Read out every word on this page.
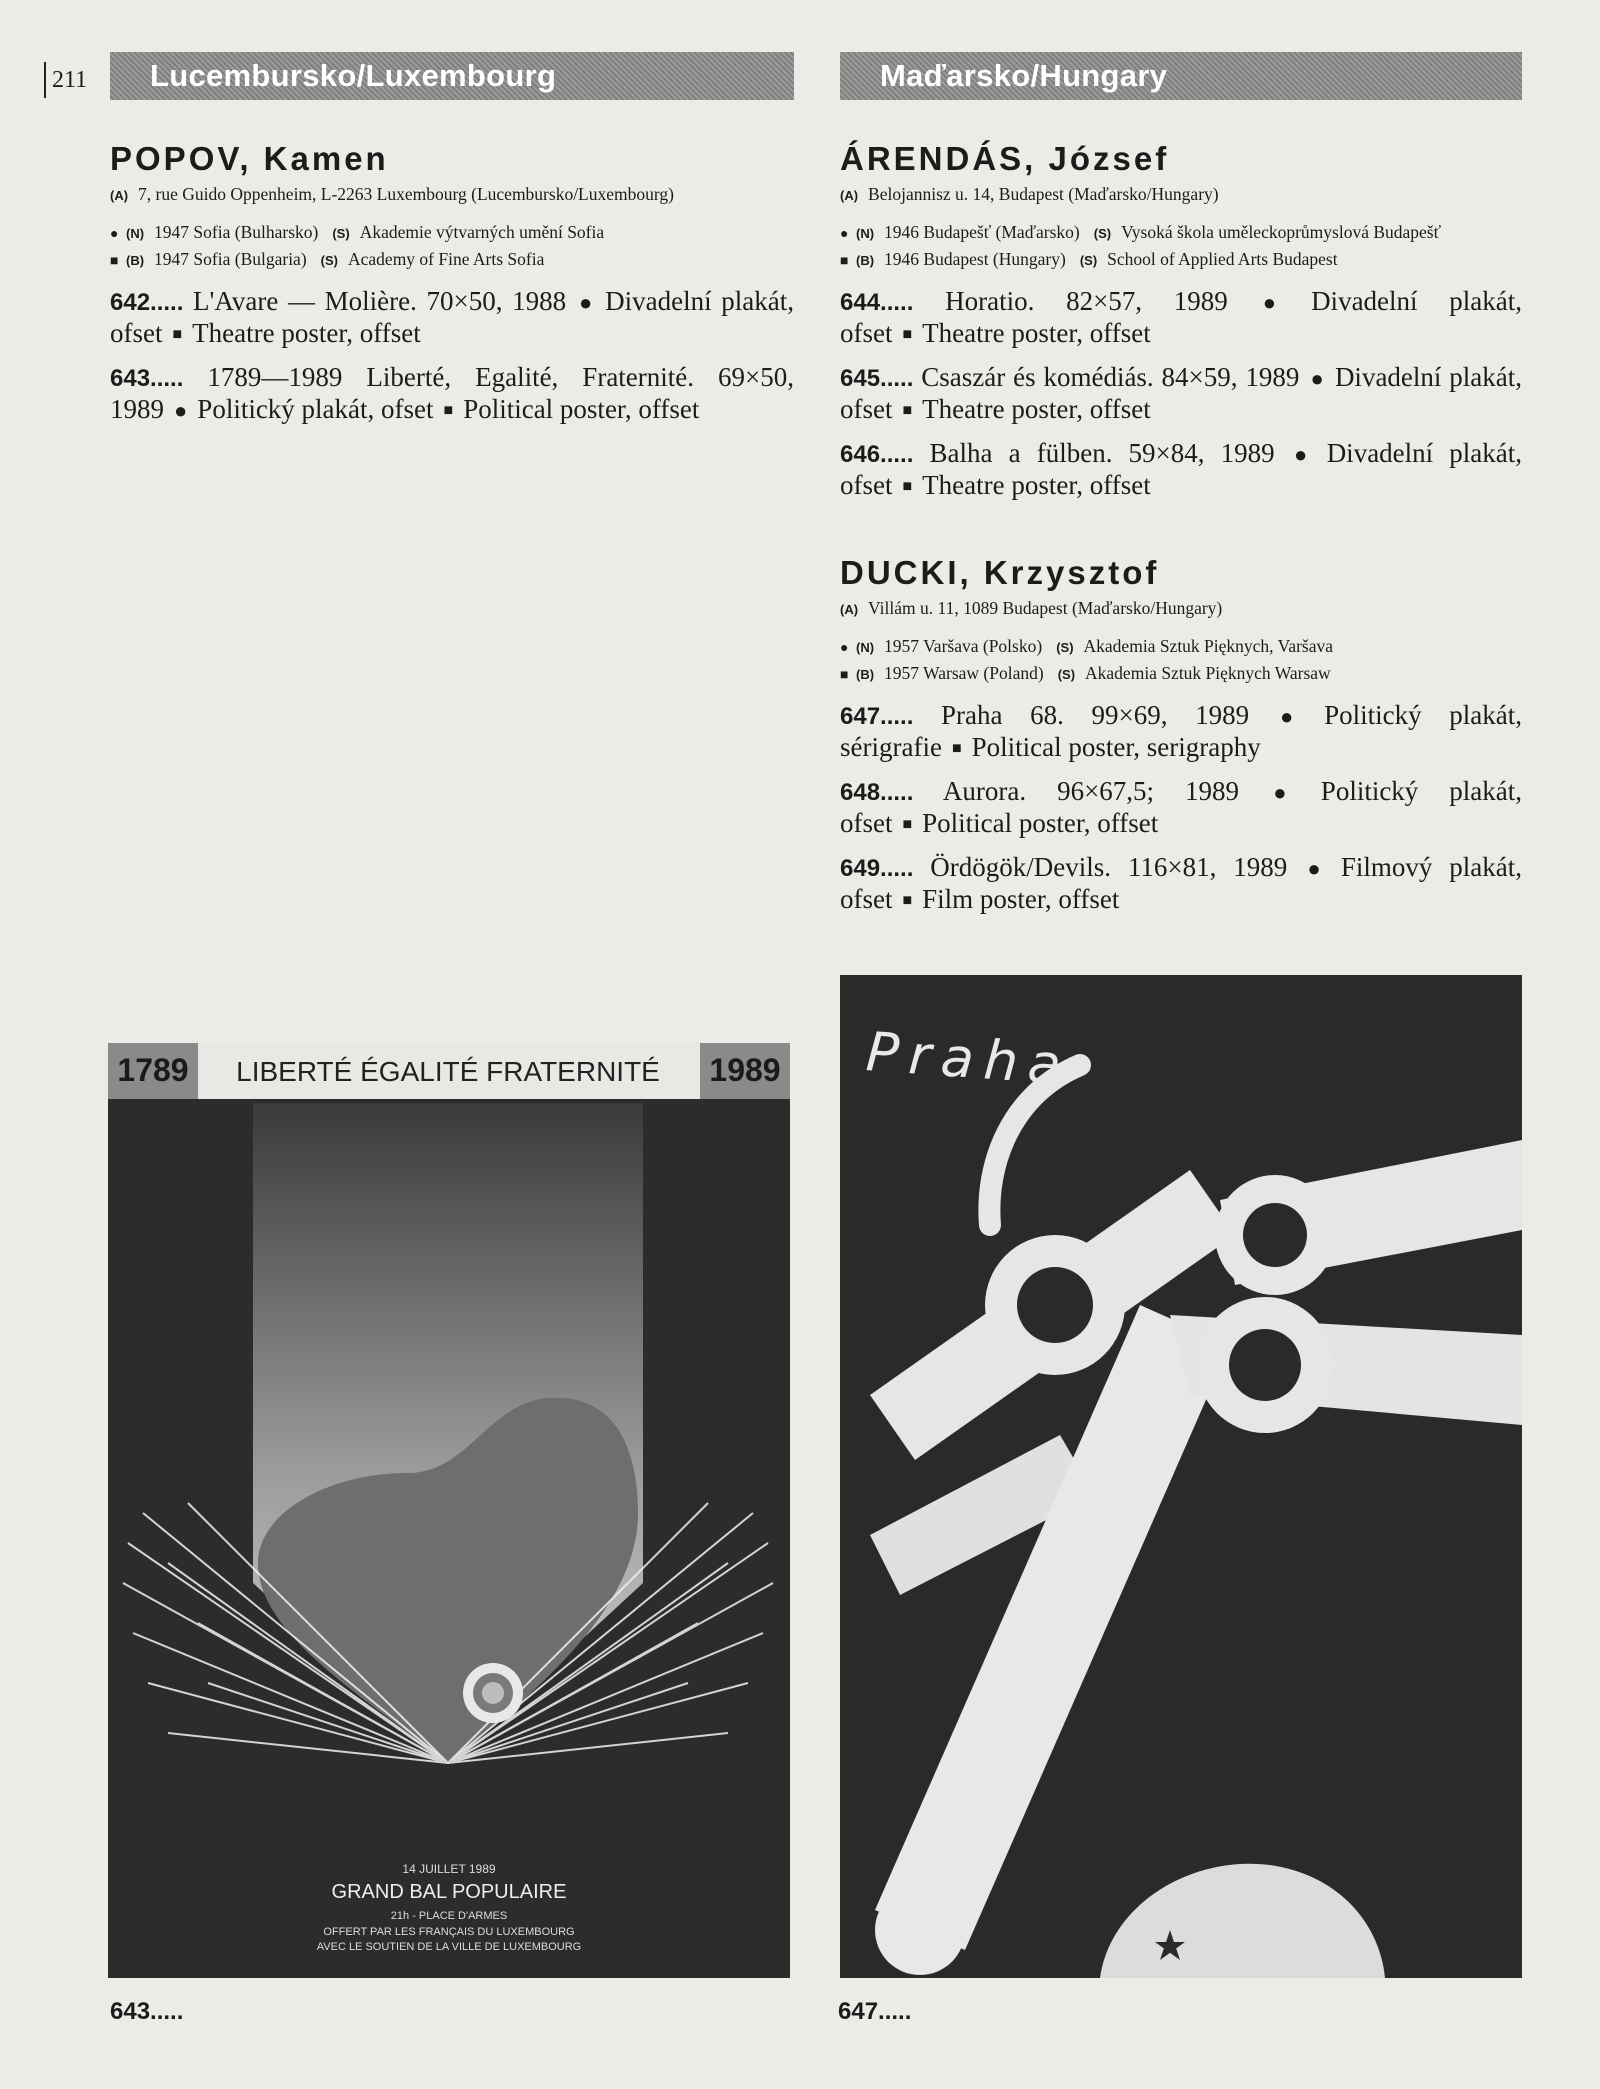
211	Lucembursko/Luxembourg	Maďarsko/Hungary
POPOV, Kamen
(A) 7, rue Guido Oppenheim, L-2263 Luxembourg (Lucembursko/Luxembourg)
● (N) 1947 Sofia (Bulharsko) (S) Akademie výtvarných umění Sofia
■ (B) 1947 Sofia (Bulgaria) (S) Academy of Fine Arts Sofia
642..... L'Avare — Molière. 70×50, 1988 ● Divadelní plakát, ofset ■ Theatre poster, offset
643..... 1789—1989 Liberté, Egalité, Fraternité. 69×50, 1989 ● Politický plakát, ofset ■ Political poster, offset
ÁRENDÁS, József
(A) Belojannisz u. 14, Budapest (Maďarsko/Hungary)
● (N) 1946 Budapešť (Maďarsko) (S) Vysoká škola uměleckoprůmyslová Budapešť
■ (B) 1946 Budapest (Hungary) (S) School of Applied Arts Budapest
644..... Horatio. 82×57, 1989 ● Divadelní plakát, ofset ■ Theatre poster, offset
645..... Csaszár és komédiás. 84×59, 1989 ● Divadelní plakát, ofset ■ Theatre poster, offset
646..... Balha a fülben. 59×84, 1989 ● Divadelní plakát, ofset ■ Theatre poster, offset
DUCKI, Krzysztof
(A) Villám u. 11, 1089 Budapest (Maďarsko/Hungary)
● (N) 1957 Varšava (Polsko) (S) Akademia Sztuk Pięknych, Varšava
■ (B) 1957 Warsaw (Poland) (S) Akademia Sztuk Pięknych Warsaw
647..... Praha 68. 99×69, 1989 ● Politický plakát, sérigrafie ■ Political poster, serigraphy
648..... Aurora. 96×67,5; 1989 ● Politický plakát, ofset ■ Political poster, offset
649..... Ördögök/Devils. 116×81, 1989 ● Filmový plakát, ofset ■ Film poster, offset
1789 LIBERTÉ ÉGALITÉ FRATERNITÉ 1989
14 JUILLET 1989
GRAND BAL POPULAIRE
21h - PLACE D'ARMES
OFFERT PAR LES FRANÇAIS DU LUXEMBOURG
AVEC LE SOUTIEN DE LA VILLE DE LUXEMBOURG
Praha
643.....	647.....
